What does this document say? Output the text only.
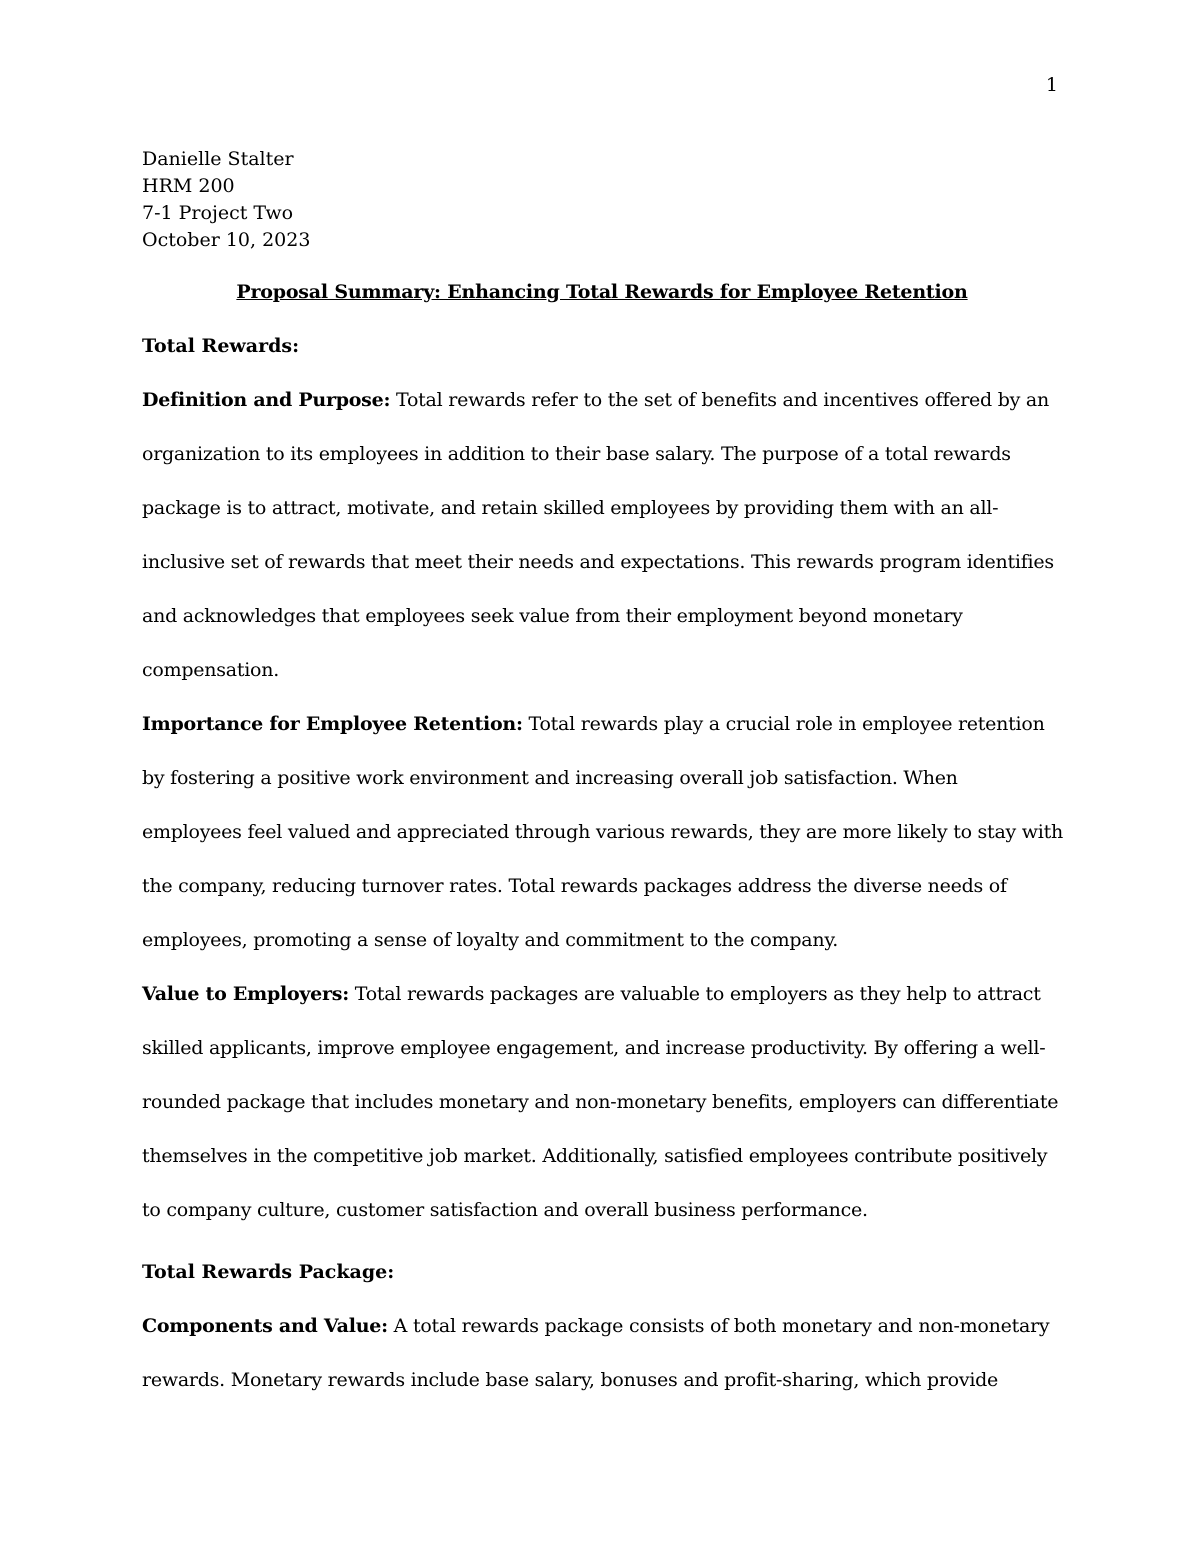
1
Danielle Stalter
HRM 200
7-1 Project Two
October 10, 2023
Proposal Summary: Enhancing Total Rewards for Employee Retention
Total Rewards:
Definition and Purpose: Total rewards refer to the set of benefits and incentives offered by an
organization to its employees in addition to their base salary. The purpose of a total rewards
package is to attract, motivate, and retain skilled employees by providing them with an all-
inclusive set of rewards that meet their needs and expectations. This rewards program identifies
and acknowledges that employees seek value from their employment beyond monetary
compensation.
Importance for Employee Retention: Total rewards play a crucial role in employee retention
by fostering a positive work environment and increasing overall job satisfaction. When
employees feel valued and appreciated through various rewards, they are more likely to stay with
the company, reducing turnover rates. Total rewards packages address the diverse needs of
employees, promoting a sense of loyalty and commitment to the company.
Value to Employers: Total rewards packages are valuable to employers as they help to attract
skilled applicants, improve employee engagement, and increase productivity. By offering a well-
rounded package that includes monetary and non-monetary benefits, employers can differentiate
themselves in the competitive job market. Additionally, satisfied employees contribute positively
to company culture, customer satisfaction and overall business performance.
Total Rewards Package:
Components and Value: A total rewards package consists of both monetary and non-monetary
rewards. Monetary rewards include base salary, bonuses and profit-sharing, which provide
